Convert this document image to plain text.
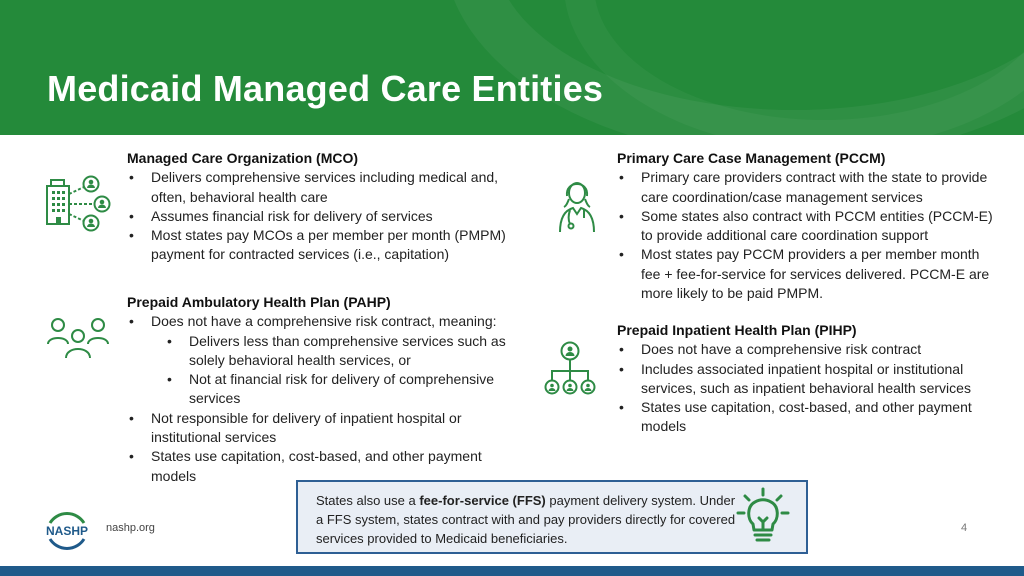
Medicaid Managed Care Entities
Managed Care Organization (MCO)
• Delivers comprehensive services including medical and, often, behavioral health care
• Assumes financial risk for delivery of services
• Most states pay MCOs a per member per month (PMPM) payment for contracted services (i.e., capitation)
Prepaid Ambulatory Health Plan (PAHP)
• Does not have a comprehensive risk contract, meaning:
• Delivers less than comprehensive services such as solely behavioral health services, or
• Not at financial risk for delivery of comprehensive services
• Not responsible for delivery of inpatient hospital or institutional services
• States use capitation, cost-based, and other payment models
Primary Care Case Management (PCCM)
• Primary care providers contract with the state to provide care coordination/case management services
• Some states also contract with PCCM entities (PCCM-E) to provide additional care coordination support
• Most states pay PCCM providers a per member month fee + fee-for-service for services delivered. PCCM-E are more likely to be paid PMPM.
Prepaid Inpatient Health Plan (PIHP)
• Does not have a comprehensive risk contract
• Includes associated inpatient hospital or institutional services, such as inpatient behavioral health services
• States use capitation, cost-based, and other payment models

States also use a fee-for-service (FFS) payment delivery system. Under a FFS system, states contract with and pay providers directly for covered services provided to Medicaid beneficiaries.

NASHP nashp.org	4
